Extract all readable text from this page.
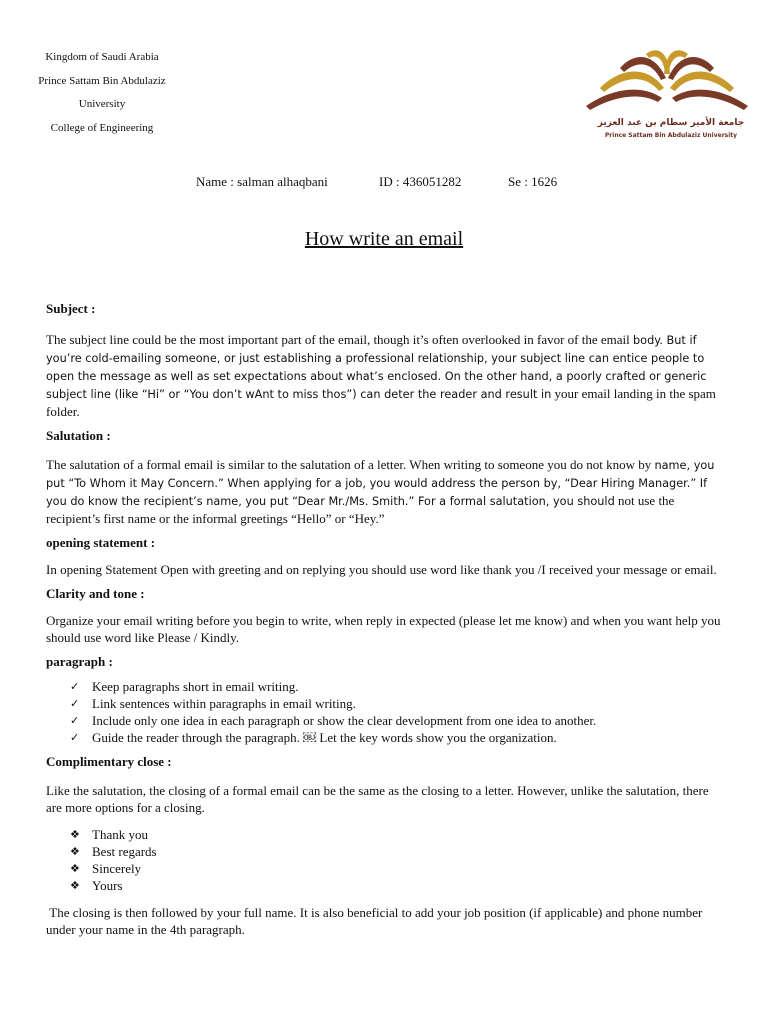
Kingdom of Saudi Arabia
Prince Sattam Bin Abdulaziz
University
College of Engineering	جامعة الأمير سطام بن عبد العزيز
Prince Sattam Bin Abdulaziz University
Name : salman alhaqbani	ID : 436051282	Se : 1626
How write an email
Subject :

The subject line could be the most important part of the email, though it’s often overlooked in favor of the email body. But if you’re cold-emailing someone, or just establishing a professional relationship, your subject line can entice people to open the message as well as set expectations about what’s enclosed. On the other hand, a poorly crafted or generic subject line (like “Hi” or “You don’t wAnt to miss thos”) can deter the reader and result in your email landing in the spam folder.

Salutation :

The salutation of a formal email is similar to the salutation of a letter. When writing to someone you do not know by name, you put “To Whom it May Concern.” When applying for a job, you would address the person by, “Dear Hiring Manager.” If you do know the recipient’s name, you put “Dear Mr./Ms. Smith.” For a formal salutation, you should not use the recipient’s first name or the informal greetings “Hello” or “Hey.”

opening statement :

In opening Statement Open with greeting and on replying you should use word like thank you /I received your message or email.

Clarity and tone :

Organize your email writing before you begin to write, when reply in expected (please let me know) and when you want help you should use word like Please / Kindly.

paragraph :
✓ Keep paragraphs short in email writing.
✓ Link sentences within paragraphs in email writing.
✓ Include only one idea in each paragraph or show the clear development from one idea to another.
✓ Guide the reader through the paragraph. ￼ Let the key words show you the organization.
Complimentary close :

Like the salutation, the closing of a formal email can be the same as the closing to a letter. However, unlike the salutation, there are more options for a closing.

❖ Thank you
❖ Best regards
❖ Sincerely
❖ Yours

The closing is then followed by your full name. It is also beneficial to add your job position (if applicable) and phone number under your name in the 4th paragraph.
